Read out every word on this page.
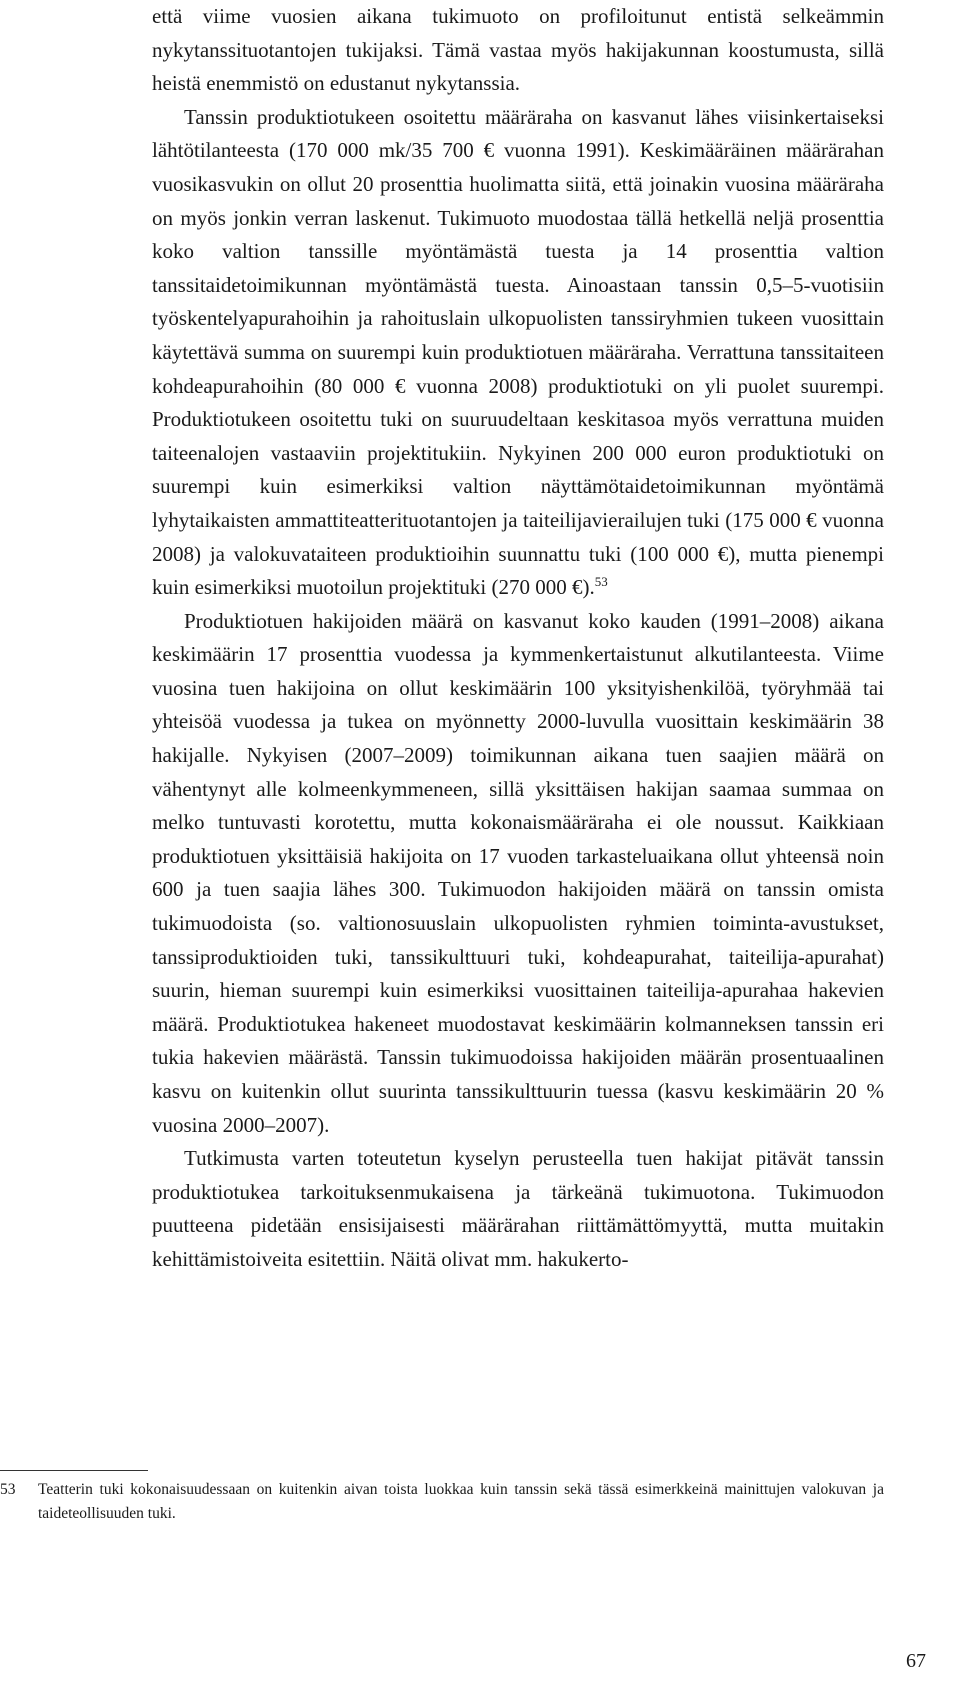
että viime vuosien aikana tukimuoto on profiloitunut entistä selkeämmin nykytanssituotantojen tukijaksi. Tämä vastaa myös hakijakunnan koostumusta, sillä heistä enemmistö on edustanut nykytanssia.

Tanssin produktiotukeen osoitettu määräraha on kasvanut lähes viisinkertaiseksi lähtötilanteesta (170 000 mk/35 700 € vuonna 1991). Keskimääräinen määrärahan vuosikasvukin on ollut 20 prosenttia huolimatta siitä, että joinakin vuosina määräraha on myös jonkin verran laskenut. Tukimuoto muodostaa tällä hetkellä neljä prosenttia koko valtion tanssille myöntämästä tuesta ja 14 prosenttia valtion tanssitaidetoimikunnan myöntämästä tuesta. Ainoastaan tanssin 0,5–5-vuotisiin työskentelyapurahoihin ja rahoituslain ulkopuolisten tanssiryhmien tukeen vuosittain käytettävä summa on suurempi kuin produktiotuen määräraha. Verrattuna tanssitaiteen kohdeapurahoihin (80 000 € vuonna 2008) produktiotuki on yli puolet suurempi. Produktiotukeen osoitettu tuki on suuruudeltaan keskitasoa myös verrattuna muiden taiteenalojen vastaaviin projektitukiin. Nykyinen 200 000 euron produktiotuki on suurempi kuin esimerkiksi valtion näyttämötaidetoimikunnan myöntämä lyhytaikaisten ammattiteatterituotantojen ja taiteilijavierailujen tuki (175 000 € vuonna 2008) ja valokuvataiteen produktioihin suunnattu tuki (100 000 €), mutta pienempi kuin esimerkiksi muotoilun projektituki (270 000 €).$^{53}$

Produktiotuen hakijoiden määrä on kasvanut koko kauden (1991–2008) aikana keskimäärin 17 prosenttia vuodessa ja kymmenkertaistunut alkutilanteesta. Viime vuosina tuen hakijoina on ollut keskimäärin 100 yksityishenkilöä, työryhmää tai yhteisöä vuodessa ja tukea on myönnetty 2000-luvulla vuosittain keskimäärin 38 hakijalle. Nykyisen (2007–2009) toimikunnan aikana tuen saajien määrä on vähentynyt alle kolmeenkymmeneen, sillä yksittäisen hakijan saamaa summaa on melko tuntuvasti korotettu, mutta kokonaismääräraha ei ole noussut. Kaikkiaan produktiotuen yksittäisiä hakijoita on 17 vuoden tarkasteluaikana ollut yhteensä noin 600 ja tuen saajia lähes 300. Tukimuodon hakijoiden määrä on tanssin omista tukimuodoista (so. valtionosuuslain ulkopuolisten ryhmien toiminta-avustukset, tanssiproduktioiden tuki, tanssikulttuuri tuki, kohdeapurahat, taiteilija-apurahat) suurin, hieman suurempi kuin esimerkiksi vuosittainen taiteilija-apurahaa hakevien määrä. Produktiotukea hakeneet muodostavat keskimäärin kolmanneksen tanssin eri tukia hakevien määrästä. Tanssin tukimuodoissa hakijoiden määrän prosentuaalinen kasvu on kuitenkin ollut suurinta tanssikulttuurin tuessa (kasvu keskimäärin 20 % vuosina 2000–2007).

Tutkimusta varten toteutetun kyselyn perusteella tuen hakijat pitävät tanssin produktiotukea tarkoituksenmukaisena ja tärkeänä tukimuotona. Tukimuodon puutteena pidetään ensisijaisesti määrärahan riittämättömyyttä, mutta muitakin kehittämistoiveita esitettiin. Näitä olivat mm. hakukerto-

53 Teatterin tuki kokonaisuudessaan on kuitenkin aivan toista luokkaa kuin tanssin sekä tässä esimerkkeinä mainittujen valokuvan ja taideteollisuuden tuki.
67
